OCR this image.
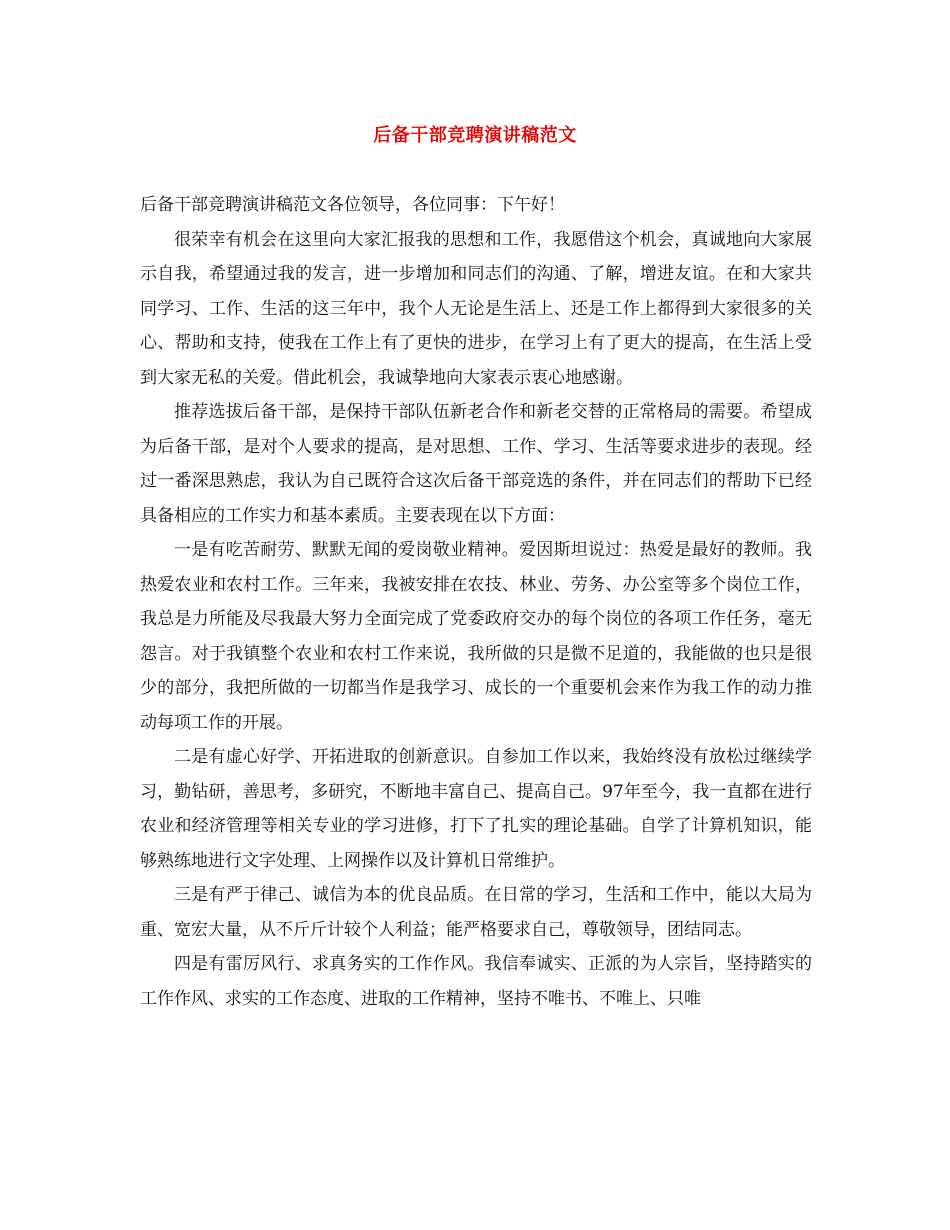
后备干部竞聘演讲稿范文

后备干部竞聘演讲稿范文各位领导，各位同事：下午好！

很荣幸有机会在这里向大家汇报我的思想和工作，我愿借这个机会，真诚地向大家展示自我，希望通过我的发言，进一步增加和同志们的沟通、了解，增进友谊。在和大家共同学习、工作、生活的这三年中，我个人无论是生活上、还是工作上都得到大家很多的关心、帮助和支持，使我在工作上有了更快的进步，在学习上有了更大的提高，在生活上受到大家无私的关爱。借此机会，我诚挚地向大家表示衷心地感谢。

推荐选拔后备干部，是保持干部队伍新老合作和新老交替的正常格局的需要。希望成为后备干部，是对个人要求的提高，是对思想、工作、学习、生活等要求进步的表现。经过一番深思熟虑，我认为自己既符合这次后备干部竞选的条件，并在同志们的帮助下已经具备相应的工作实力和基本素质。主要表现在以下方面：

一是有吃苦耐劳、默默无闻的爱岗敬业精神。爱因斯坦说过：热爱是最好的教师。我热爱农业和农村工作。三年来，我被安排在农技、林业、劳务、办公室等多个岗位工作，我总是力所能及尽我最大努力全面完成了党委政府交办的每个岗位的各项工作任务，毫无怨言。对于我镇整个农业和农村工作来说，我所做的只是微不足道的，我能做的也只是很少的部分，我把所做的一切都当作是我学习、成长的一个重要机会来作为我工作的动力推动每项工作的开展。

二是有虚心好学、开拓进取的创新意识。自参加工作以来，我始终没有放松过继续学习，勤钻研，善思考，多研究，不断地丰富自己、提高自己。97年至今，我一直都在进行农业和经济管理等相关专业的学习进修，打下了扎实的理论基础。自学了计算机知识，能够熟练地进行文字处理、上网操作以及计算机日常维护。

三是有严于律己、诚信为本的优良品质。在日常的学习，生活和工作中，能以大局为重、宽宏大量，从不斤斤计较个人利益；能严格要求自己，尊敬领导，团结同志。

四是有雷厉风行、求真务实的工作作风。我信奉诚实、正派的为人宗旨，坚持踏实的工作作风、求实的工作态度、进取的工作精神，坚持不唯书、不唯上、只唯
